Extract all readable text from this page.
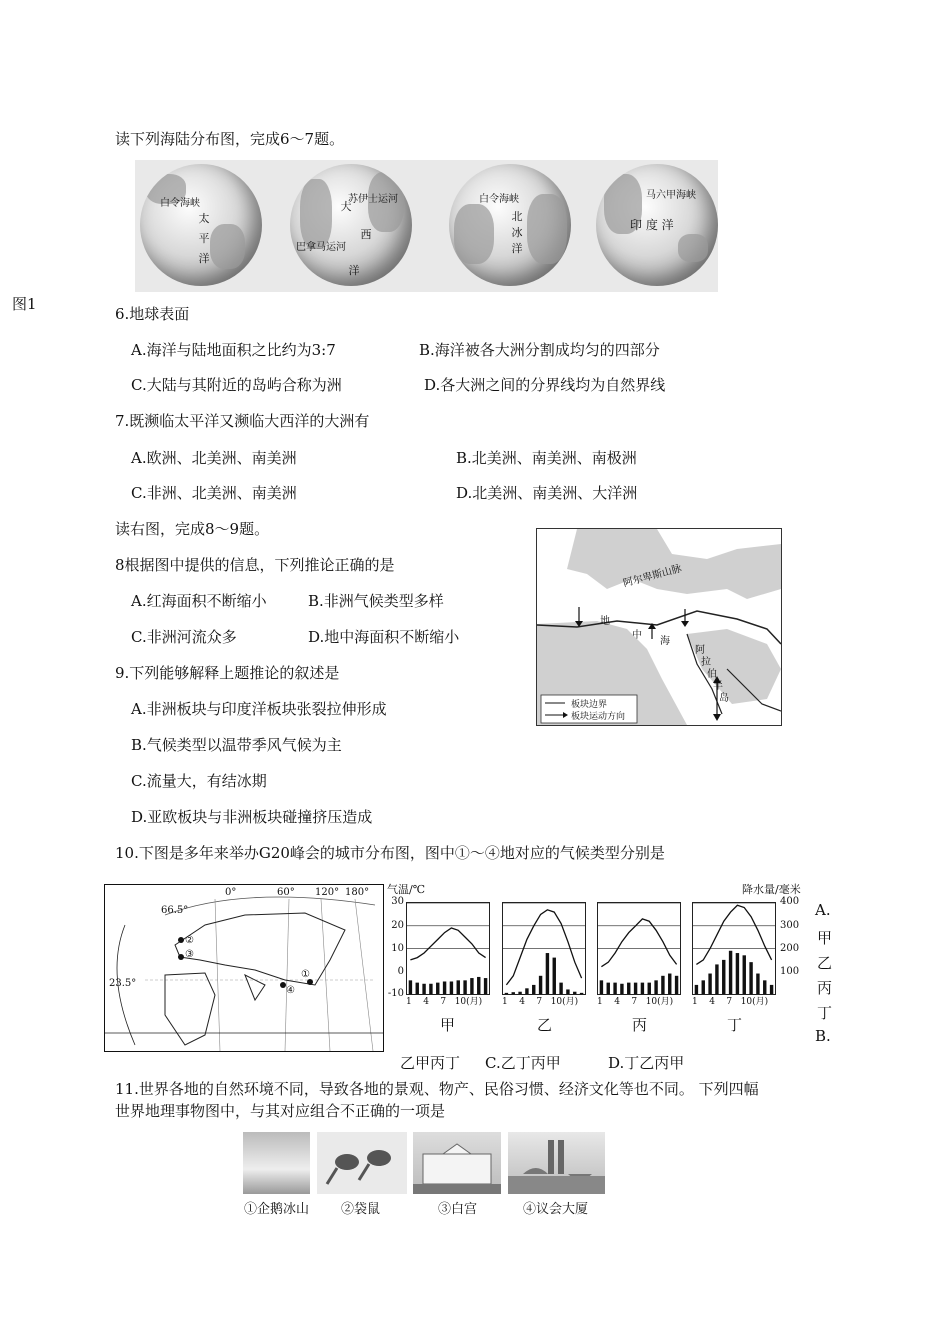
读下列海陆分布图，完成6～7题。
白令海峡
太
平
洋
苏伊士运河
巴拿马运河
大
西
洋
白令海峡
北
冰
洋
马六甲海峡
印 度 洋
图1
6.地球表面
A.海洋与陆地面积之比约为3:7	B.海洋被各大洲分割成均匀的四部分
C.大陆与其附近的岛屿合称为洲	D.各大洲之间的分界线均为自然界线
7.既濒临太平洋又濒临大西洋的大洲有
A.欧洲、北美洲、南美洲	B.北美洲、南美洲、南极洲
C.非洲、北美洲、南美洲	D.北美洲、南美洲、大洋洲
读右图，完成8～9题。
8根据图中提供的信息，下列推论正确的是
A.红海面积不断缩小	B.非洲气候类型多样
C.非洲河流众多	D.地中海面积不断缩小
9.下列能够解释上题推论的叙述是
A.非洲板块与印度洋板块张裂拉伸形成
B.气候类型以温带季风气候为主
C.流量大，有结冰期
D.亚欧板块与非洲板块碰撞挤压造成
阿尔卑斯山脉
地
中
海
阿
拉
伯
半
岛
板块边界
板块运动方向
10.下图是多年来举办G20峰会的城市分布图，图中①～④地对应的气候类型分别是
0°	60° 120° 180°
66.5°
23.5°
②
③
①
④
气温/℃	降水量/毫米
30
20
10
0
-10
400
300
200
100
1 4 7 10(月) 1 4 7 10(月) 1 4 7 10(月) 1 4 7 10(月)
甲	乙	丙	丁
A.
甲
乙
丙
丁
B.
乙甲丙丁 C.乙丁丙甲	D.丁乙丙甲
11.世界各地的自然环境不同，导致各地的景观、物产、民俗习惯、经济文化等也不同。 下列四幅
世界地理事物图中，与其对应组合不正确的一项是
①企鹅冰山 ②袋鼠	③白宫	④议会大厦
